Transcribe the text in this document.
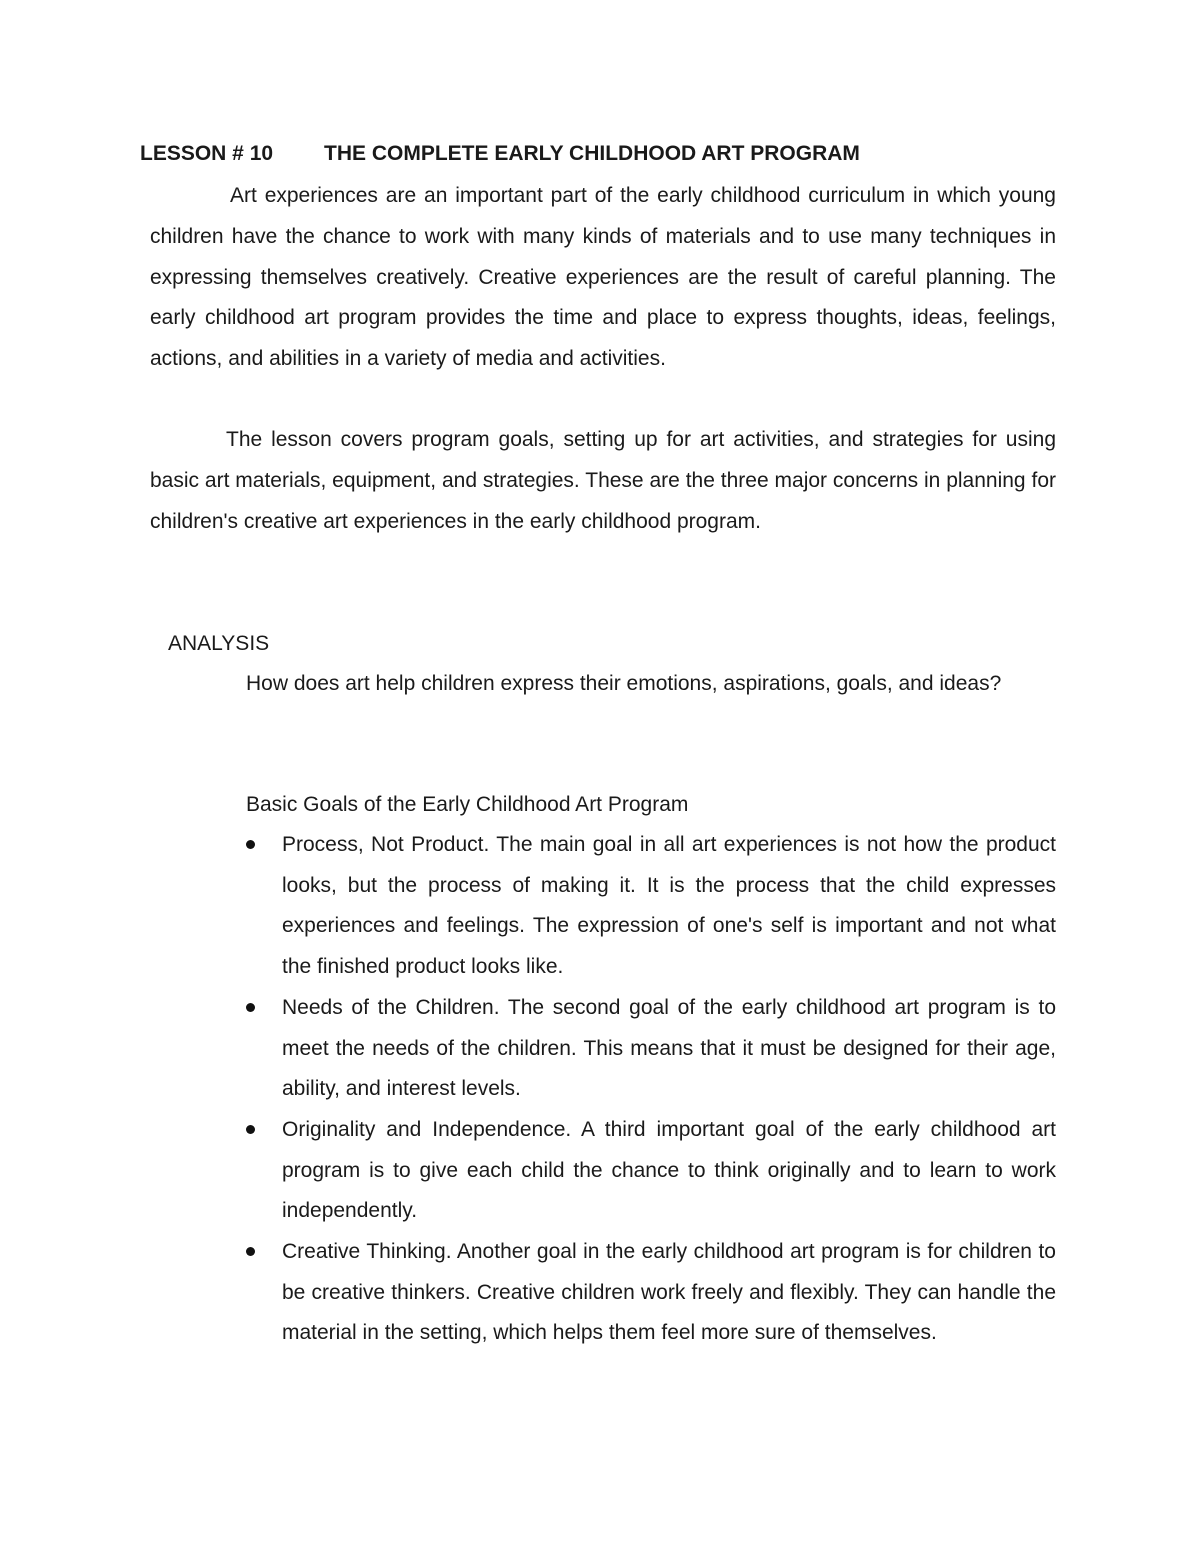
LESSON # 10 THE COMPLETE EARLY CHILDHOOD ART PROGRAM

Art experiences are an important part of the early childhood curriculum in which young children have the chance to work with many kinds of materials and to use many techniques in expressing themselves creatively. Creative experiences are the result of careful planning. The early childhood art program provides the time and place to express thoughts, ideas, feelings, actions, and abilities in a variety of media and activities.

The lesson covers program goals, setting up for art activities, and strategies for using basic art materials, equipment, and strategies. These are the three major concerns in planning for children's creative art experiences in the early childhood program.

ANALYSIS

How does art help children express their emotions, aspirations, goals, and ideas?

Basic Goals of the Early Childhood Art Program
Process, Not Product. The main goal in all art experiences is not how the product looks, but the process of making it. It is the process that the child expresses experiences and feelings. The expression of one's self is important and not what the finished product looks like.
Needs of the Children. The second goal of the early childhood art program is to meet the needs of the children. This means that it must be designed for their age, ability, and interest levels.
Originality and Independence. A third important goal of the early childhood art program is to give each child the chance to think originally and to learn to work independently.
Creative Thinking. Another goal in the early childhood art program is for children to be creative thinkers. Creative children work freely and flexibly. They can handle the material in the setting, which helps them feel more sure of themselves.
